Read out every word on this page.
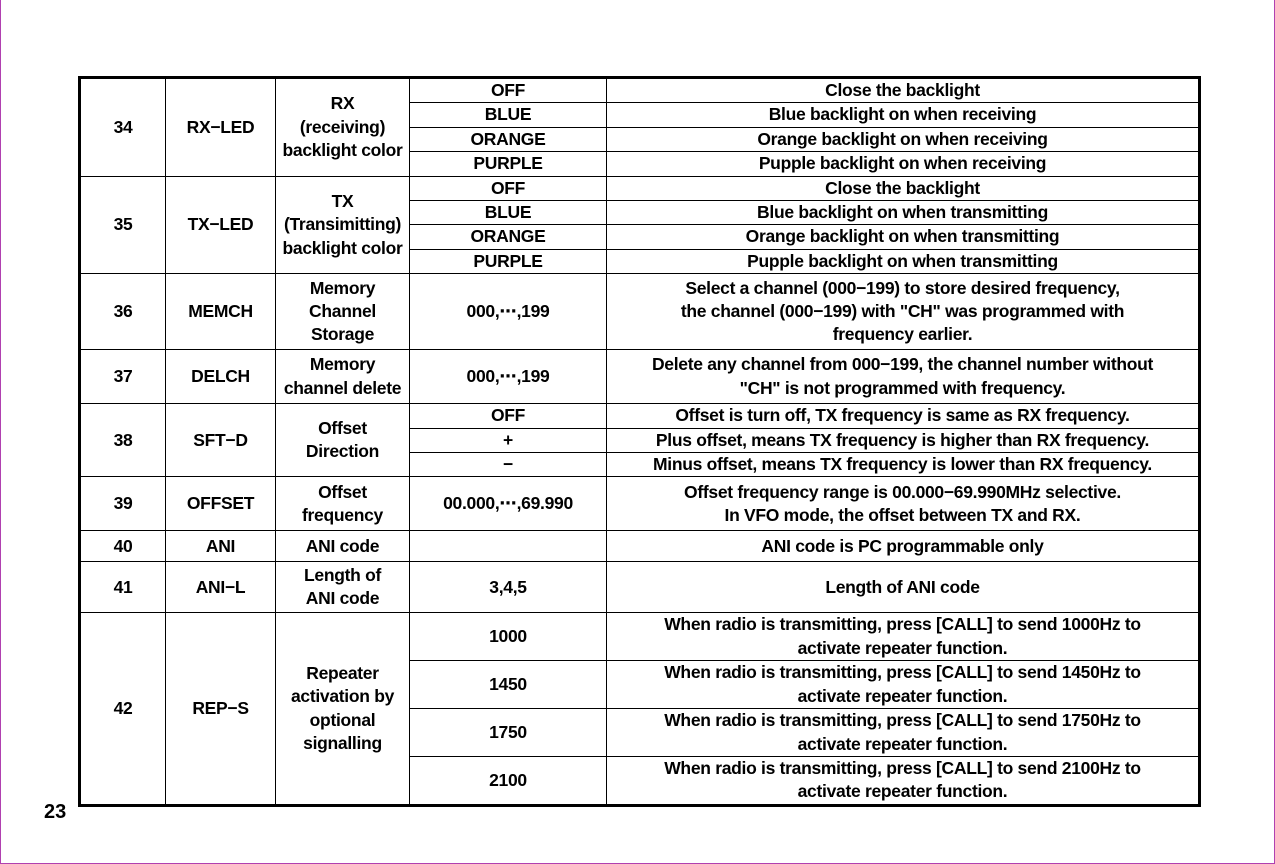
34	RX−LED	RX
(receiving)
backlight color	OFF	Close the backlight
			BLUE	Blue backlight on when receiving
			ORANGE	Orange backlight on when receiving
			PURPLE	Pupple backlight on when receiving
35	TX−LED	TX
(Transimitting)
backlight color	OFF	Close the backlight
			BLUE	Blue backlight on when transmitting
			ORANGE	Orange backlight on when transmitting
			PURPLE	Pupple backlight on when transmitting
36	MEMCH	Memory
Channel
Storage	000,⋯,199	Select a channel (000−199) to store desired frequency,
the channel (000−199) with "CH" was programmed with
frequency earlier.
37	DELCH	Memory
channel delete	000,⋯,199	Delete any channel from 000−199, the channel number without
"CH" is not programmed with frequency.
38	SFT−D	Offset
Direction	OFF	Offset is turn off, TX frequency is same as RX frequency.
			+	Plus offset, means TX frequency is higher than RX frequency.
			−	Minus offset, means TX frequency is lower than RX frequency.
39	OFFSET	Offset
frequency	00.000,⋯,69.990	Offset frequency range is 00.000−69.990MHz selective.
In VFO mode, the offset between TX and RX.
40	ANI	ANI code		ANI code is PC programmable only
41	ANI−L	Length of
ANI code	3,4,5	Length of ANI code
42	REP−S	Repeater
activation by
optional
signalling	1000	When radio is transmitting, press [CALL] to send 1000Hz to
activate repeater function.
			1450	When radio is transmitting, press [CALL] to send 1450Hz to
activate repeater function.
			1750	When radio is transmitting, press [CALL] to send 1750Hz to
activate repeater function.
			2100	When radio is transmitting, press [CALL] to send 2100Hz to
activate repeater function.
23
